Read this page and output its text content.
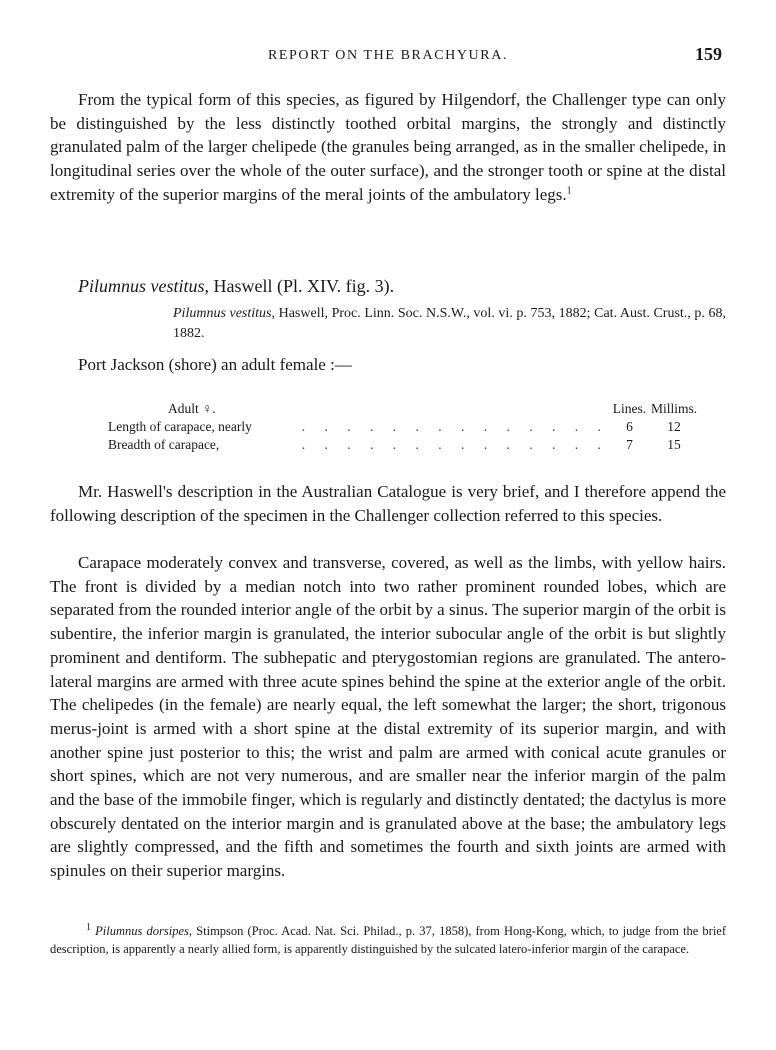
REPORT ON THE BRACHYURA.	159

From the typical form of this species, as figured by Hilgendorf, the Challenger type can only be distinguished by the less distinctly toothed orbital margins, the strongly and distinctly granulated palm of the larger chelipede (the granules being arranged, as in the smaller chelipede, in longitudinal series over the whole of the outer surface), and the stronger tooth or spine at the distal extremity of the superior margins of the meral joints of the ambulatory legs.$^1$

Pilumnus vestitus, Haswell (Pl. XIV. fig. 3).

Pilumnus vestitus, Haswell, Proc. Linn. Soc. N.S.W., vol. vi. p. 753, 1882; Cat. Aust. Crust., p. 68, 1882.

Port Jackson (shore) an adult female :—

Adult ♀.		Lines.	Millims.
Length of carapace, nearly	. . . . . . . . . . . . . .	6	12
Breadth of carapace,	. . . . . . . . . . . . . .	7	15

Mr. Haswell's description in the Australian Catalogue is very brief, and I therefore append the following description of the specimen in the Challenger collection referred to this species.

Carapace moderately convex and transverse, covered, as well as the limbs, with yellow hairs. The front is divided by a median notch into two rather prominent rounded lobes, which are separated from the rounded interior angle of the orbit by a sinus. The superior margin of the orbit is subentire, the inferior margin is granulated, the interior subocular angle of the orbit is but slightly prominent and dentiform. The subhepatic and pterygostomian regions are granulated. The antero-lateral margins are armed with three acute spines behind the spine at the exterior angle of the orbit. The chelipedes (in the female) are nearly equal, the left somewhat the larger; the short, trigonous merus-joint is armed with a short spine at the distal extremity of its superior margin, and with another spine just posterior to this; the wrist and palm are armed with conical acute granules or short spines, which are not very numerous, and are smaller near the inferior margin of the palm and the base of the immobile finger, which is regularly and distinctly dentated; the dactylus is more obscurely dentated on the interior margin and is granulated above at the base; the ambulatory legs are slightly compressed, and the fifth and sometimes the fourth and sixth joints are armed with spinules on their superior margins.

$^1$ Pilumnus dorsipes, Stimpson (Proc. Acad. Nat. Sci. Philad., p. 37, 1858), from Hong-Kong, which, to judge from the brief description, is apparently a nearly allied form, is apparently distinguished by the sulcated latero-inferior margin of the carapace.
